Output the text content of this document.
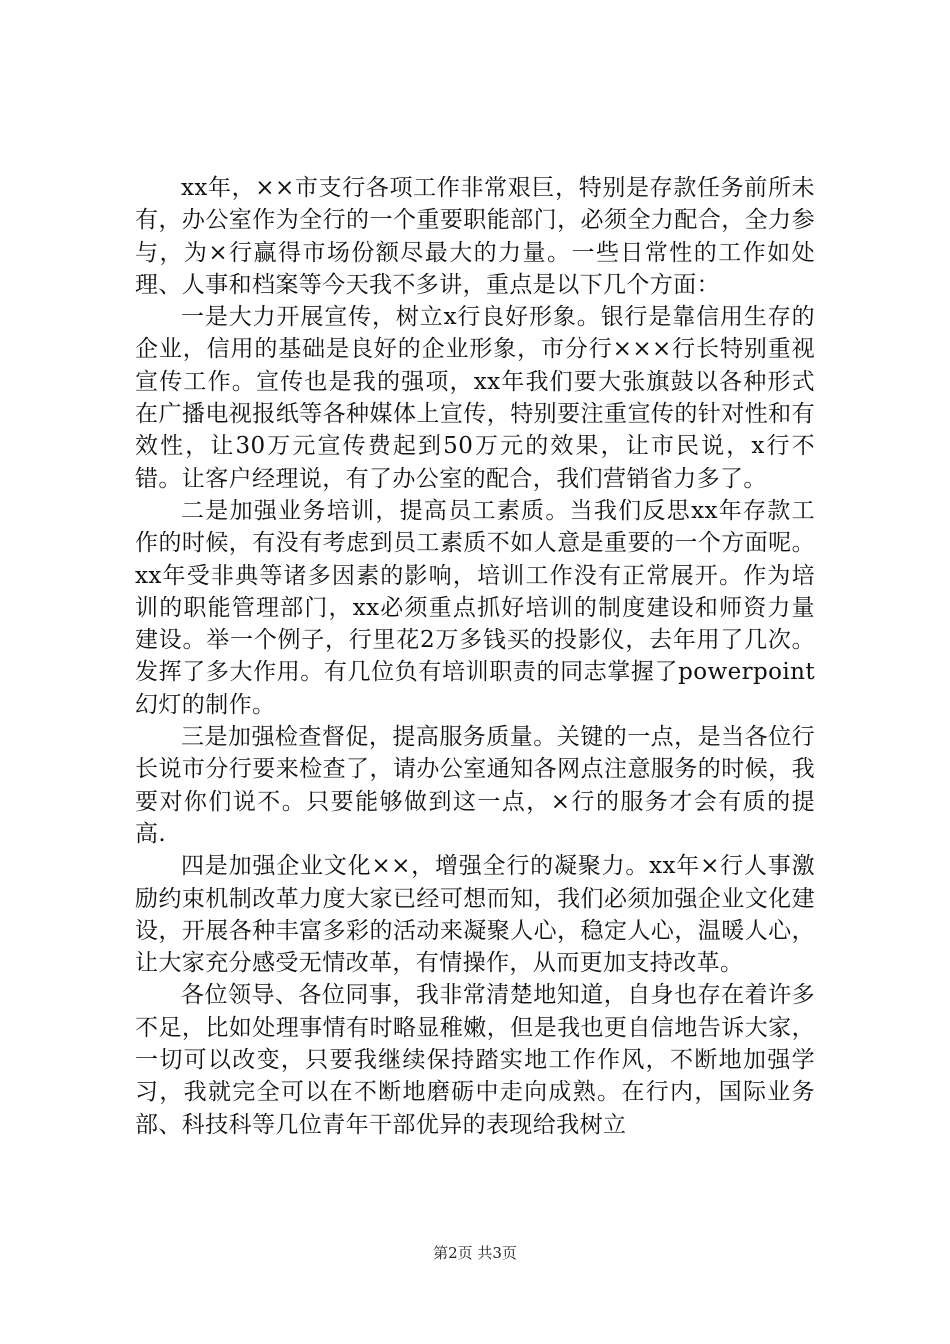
xx年，××市支行各项工作非常艰巨，特别是存款任务前所未有，办公室作为全行的一个重要职能部门，必须全力配合，全力参与，为×行赢得市场份额尽最大的力量。一些日常性的工作如处理、人事和档案等今天我不多讲，重点是以下几个方面：

一是大力开展宣传，树立x行良好形象。银行是靠信用生存的企业，信用的基础是良好的企业形象，市分行×××行长特别重视宣传工作。宣传也是我的强项，xx年我们要大张旗鼓以各种形式在广播电视报纸等各种媒体上宣传，特别要注重宣传的针对性和有效性，让30万元宣传费起到50万元的效果，让市民说，x行不错。让客户经理说，有了办公室的配合，我们营销省力多了。

二是加强业务培训，提高员工素质。当我们反思xx年存款工作的时候，有没有考虑到员工素质不如人意是重要的一个方面呢。xx年受非典等诸多因素的影响，培训工作没有正常展开。作为培训的职能管理部门，xx必须重点抓好培训的制度建设和师资力量建设。举一个例子，行里花2万多钱买的投影仪，去年用了几次。发挥了多大作用。有几位负有培训职责的同志掌握了powerpoint幻灯的制作。

三是加强检查督促，提高服务质量。关键的一点，是当各位行长说市分行要来检查了，请办公室通知各网点注意服务的时候，我要对你们说不。只要能够做到这一点，×行的服务才会有质的提高.

四是加强企业文化××，增强全行的凝聚力。xx年×行人事激励约束机制改革力度大家已经可想而知，我们必须加强企业文化建设，开展各种丰富多彩的活动来凝聚人心，稳定人心，温暖人心，让大家充分感受无情改革，有情操作，从而更加支持改革。

各位领导、各位同事，我非常清楚地知道，自身也存在着许多不足，比如处理事情有时略显稚嫩，但是我也更自信地告诉大家，一切可以改变，只要我继续保持踏实地工作作风，不断地加强学习，我就完全可以在不断地磨砺中走向成熟。在行内，国际业务部、科技科等几位青年干部优异的表现给我树立

第2页 共3页
